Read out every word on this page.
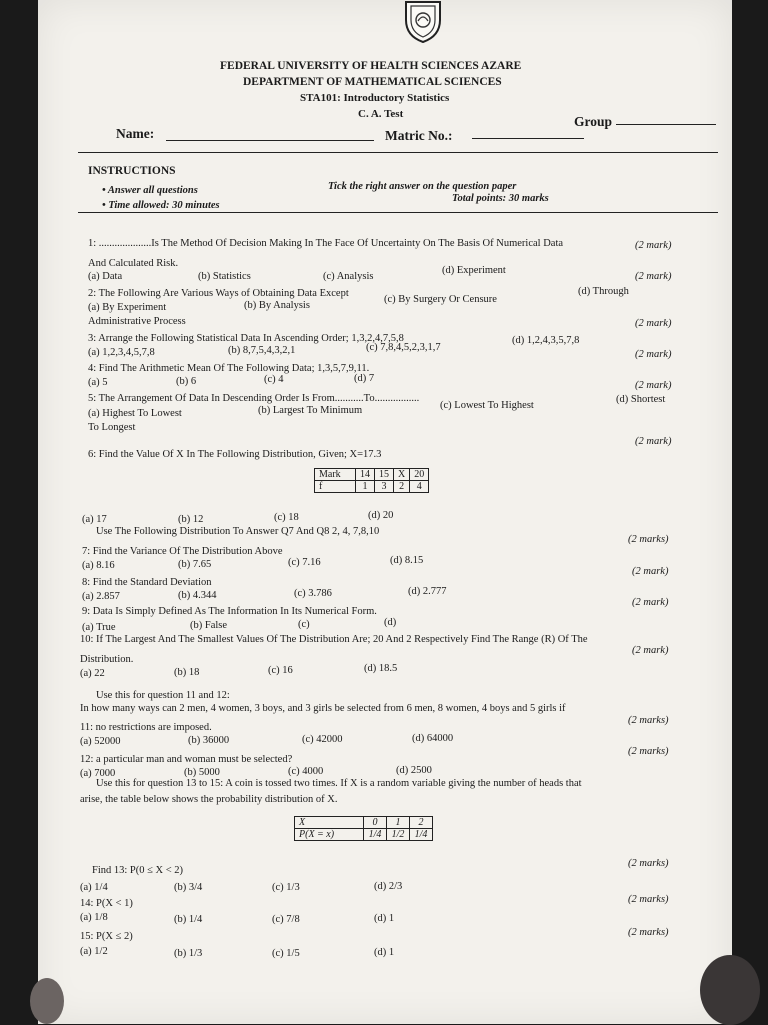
FEDERAL UNIVERSITY OF HEALTH SCIENCES AZARE
DEPARTMENT OF MATHEMATICAL SCIENCES
STA101: Introductory Statistics
C. A. Test
Name:	Matric No.:
Group
INSTRUCTIONS
• Answer all questions
• Time allowed: 30 minutes
Tick the right answer on the question paper
Total points: 30 marks
1: ....................Is The Method Of Decision Making In The Face Of Uncertainty On The Basis Of Numerical Data	(2 mark)
And Calculated Risk.
(a) Data	(b) Statistics	(c) Analysis
(d) Experiment
2: The Following Are Various Ways of Obtaining Data Except
(2 mark)
(a) By Experiment	(b) By Analysis
(c) By Surgery Or Censure
(d) Through
Administrative Process
3: Arrange the Following Statistical Data In Ascending Order; 1,3,2,4,7,5,8
(2 mark)
(a) 1,2,3,4,5,7,8	(b) 8,7,5,4,3,2,1	(c) 7,8,4,5,2,3,1,7
(d) 1,2,4,3,5,7,8
4: Find The Arithmetic Mean Of The Following Data; 1,3,5,7,9,11.
(2 mark)
(a) 5	(b) 6	(c) 4	(d) 7
5: The Arrangement Of Data In Descending Order Is From...........To.................
(2 mark)
(a) Highest To Lowest	(b) Largest To Minimum	(c) Lowest To Highest
(d) Shortest
To Longest
6: Find the Value Of X In The Following Distribution, Given; X=17.3
(2 mark)
Mark	14	15	X	20
f	1	3	2	4
(a) 17	(b) 12	(c) 18	(d) 20
Use The Following Distribution To Answer Q7 And Q8 2, 4, 7,8,10
7: Find the Variance Of The Distribution Above
(2 marks)
(a) 8.16	(b) 7.65	(c) 7.16	(d) 8.15
8: Find the Standard Deviation
(2 mark)
(a) 2.857	(b) 4.344	(c) 3.786	(d) 2.777
9: Data Is Simply Defined As The Information In Its Numerical Form.
(2 mark)
(a) True	(b) False	(c)	(d)
10: If The Largest And The Smallest Values Of The Distribution Are; 20 And 2 Respectively Find The Range (R) Of The
(2 mark)
Distribution.
(a) 22	(b) 18	(c) 16	(d) 18.5
Use this for question 11 and 12:
In how many ways can 2 men, 4 women, 3 boys, and 3 girls be selected from 6 men, 8 women, 4 boys and 5 girls if
11: no restrictions are imposed.
(2 marks)
(a) 52000	(b) 36000	(c) 42000	(d) 64000
12: a particular man and woman must be selected?
(2 marks)
(a) 7000	(b) 5000	(c) 4000	(d) 2500
Use this for question 13 to 15: A coin is tossed two times. If X is a random variable giving the number of heads that
arise, the table below shows the probability distribution of X.
X	0	1	2
P(X = x)	1/4	1/2	1/4
Find 13: P(0 ≤ X < 2)
(2 marks)
(a) 1/4	(b) 3/4	(c) 1/3	(d) 2/3
14: P(X < 1)	(2 marks)
(a) 1/8	(b) 1/4	(c) 7/8	(d) 1
15: P(X ≤ 2)	(2 marks)
(a) 1/2	(b) 1/3	(c) 1/5	(d) 1
